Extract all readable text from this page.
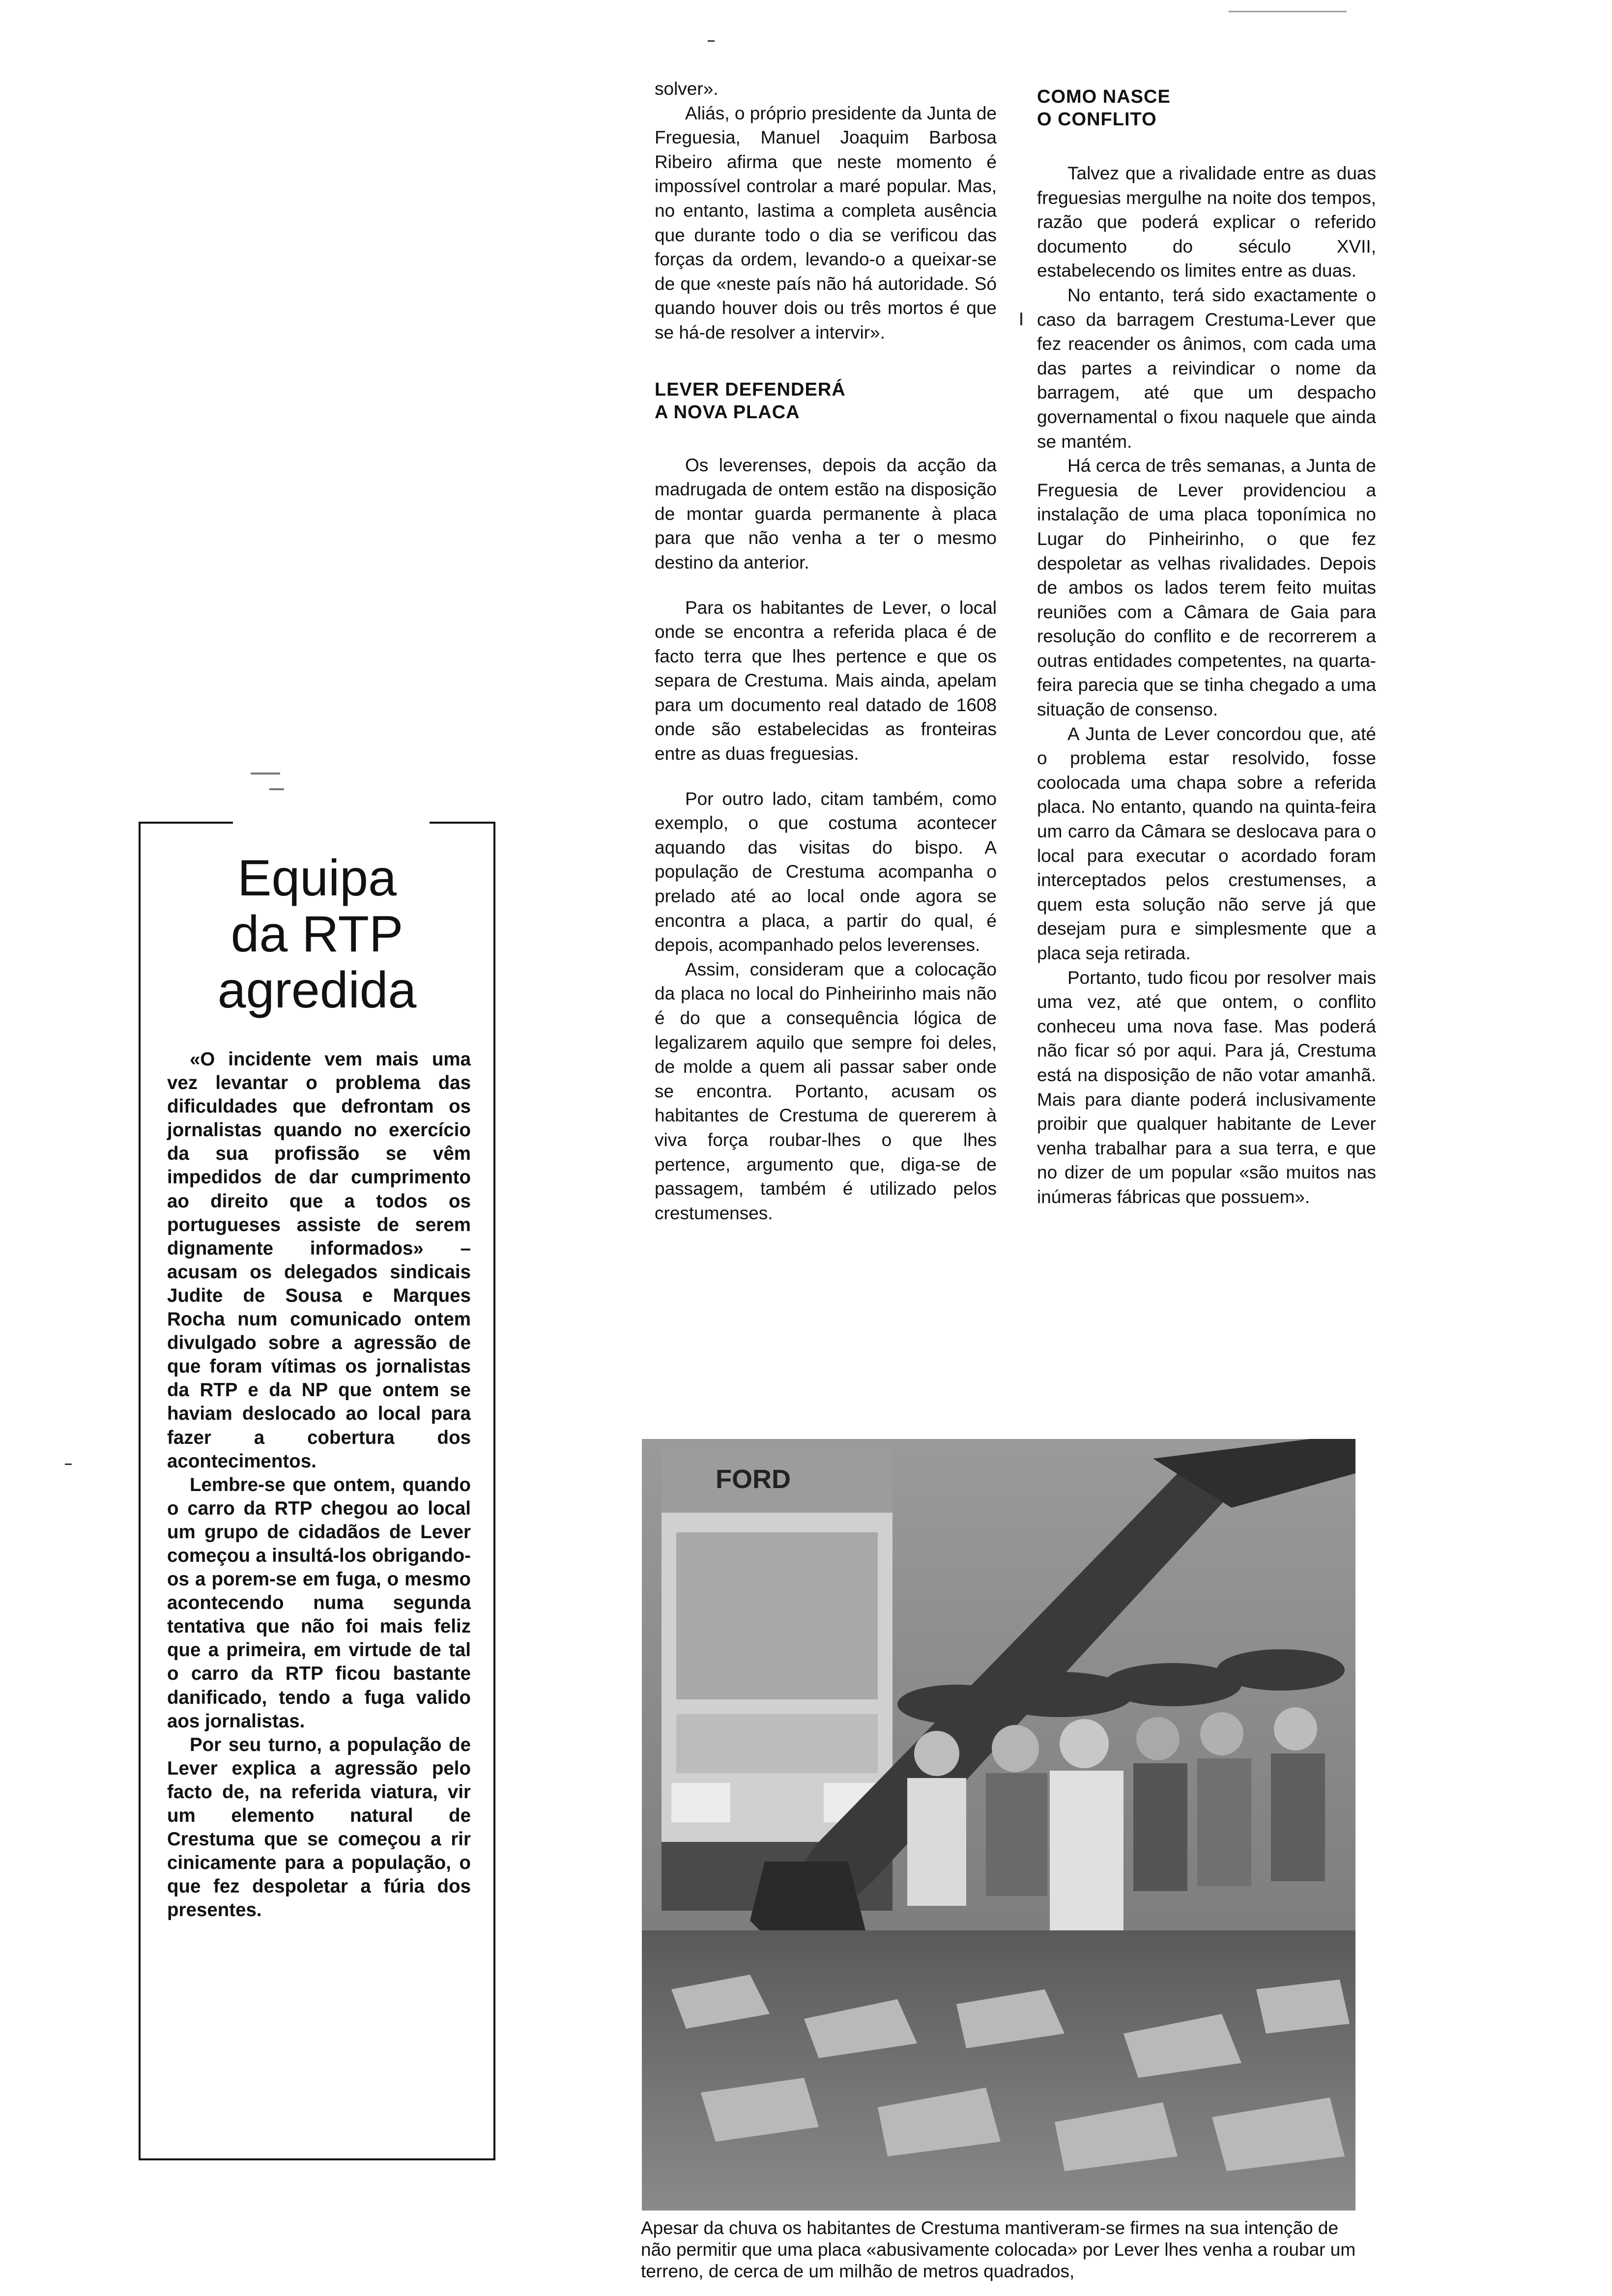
Equipa
da RTP
agredida

«O incidente vem mais uma vez levantar o problema das dificuldades que defrontam os jornalistas quando no exercício da sua profissão se vêm impedidos de dar cumprimento ao direito que a todos os portugueses assiste de serem dignamente informados» – acusam os delegados sindicais Judite de Sousa e Marques Rocha num comunicado ontem divulgado sobre a agressão de que foram vítimas os jornalistas da RTP e da NP que ontem se haviam deslocado ao local para fazer a cobertura dos acontecimentos.

Lembre-se que ontem, quando o carro da RTP chegou ao local um grupo de cidadãos de Lever começou a insultá-los obrigando-os a porem-se em fuga, o mesmo acontecendo numa segunda tentativa que não foi mais feliz que a primeira, em virtude de tal o carro da RTP ficou bastante danificado, tendo a fuga valido aos jornalistas.

Por seu turno, a população de Lever explica a agressão pelo facto de, na referida viatura, vir um elemento natural de Crestuma que se começou a rir cinicamente para a população, o que fez despoletar a fúria dos presentes.

solver».

Aliás, o próprio presidente da Junta de Freguesia, Manuel Joaquim Barbosa Ribeiro afirma que neste momento é impossível controlar a maré popular. Mas, no entanto, lastima a completa ausência que durante todo o dia se verificou das forças da ordem, levando-o a queixar-se de que «neste país não há autoridade. Só quando houver dois ou três mortos é que se há-de resolver a intervir».

LEVER DEFENDERÁ
A NOVA PLACA

Os leverenses, depois da acção da madrugada de ontem estão na disposição de montar guarda permanente à placa para que não venha a ter o mesmo destino da anterior.

Para os habitantes de Lever, o local onde se encontra a referida placa é de facto terra que lhes pertence e que os separa de Crestuma. Mais ainda, apelam para um documento real datado de 1608 onde são estabelecidas as fronteiras entre as duas freguesias.

Por outro lado, citam também, como exemplo, o que costuma acontecer aquando das visitas do bispo. A população de Crestuma acompanha o prelado até ao local onde agora se encontra a placa, a partir do qual, é depois, acompanhado pelos leverenses.

Assim, consideram que a colocação da placa no local do Pinheirinho mais não é do que a consequência lógica de legalizarem aquilo que sempre foi deles, de molde a quem ali passar saber onde se encontra. Portanto, acusam os habitantes de Crestuma de quererem à viva força roubar-lhes o que lhes pertence, argumento que, diga-se de passagem, também é utilizado pelos crestumenses.

COMO NASCE
O CONFLITO

Talvez que a rivalidade entre as duas freguesias mergulhe na noite dos tempos, razão que poderá explicar o referido documento do século XVII, estabelecendo os limites entre as duas.

No entanto, terá sido exactamente o caso da barragem Crestuma-Lever que fez reacender os ânimos, com cada uma das partes a reivindicar o nome da barragem, até que um despacho governamental o fixou naquele que ainda se mantém.

Há cerca de três semanas, a Junta de Freguesia de Lever providenciou a instalação de uma placa toponímica no Lugar do Pinheirinho, o que fez despoletar as velhas rivalidades. Depois de ambos os lados terem feito muitas reuniões com a Câmara de Gaia para resolução do conflito e de recorrerem a outras entidades competentes, na quarta-feira parecia que se tinha chegado a uma situação de consenso.

A Junta de Lever concordou que, até o problema estar resolvido, fosse coolocada uma chapa sobre a referida placa. No entanto, quando na quinta-feira um carro da Câmara se deslocava para o local para executar o acordado foram interceptados pelos crestumenses, a quem esta solução não serve já que desejam pura e simplesmente que a placa seja retirada.

Portanto, tudo ficou por resolver mais uma vez, até que ontem, o conflito conheceu uma nova fase. Mas poderá não ficar só por aqui. Para já, Crestuma está na disposição de não votar amanhã. Mais para diante poderá inclusivamente proibir que qualquer habitante de Lever venha trabalhar para a sua terra, e que no dizer de um popular «são muitos nas inúmeras fábricas que possuem».

FORD

Apesar da chuva os habitantes de Crestuma mantiveram-se firmes na sua intenção de não permitir que uma placa «abusivamente colocada» por Lever lhes venha a roubar um terreno, de cerca de um milhão de metros quadrados,
